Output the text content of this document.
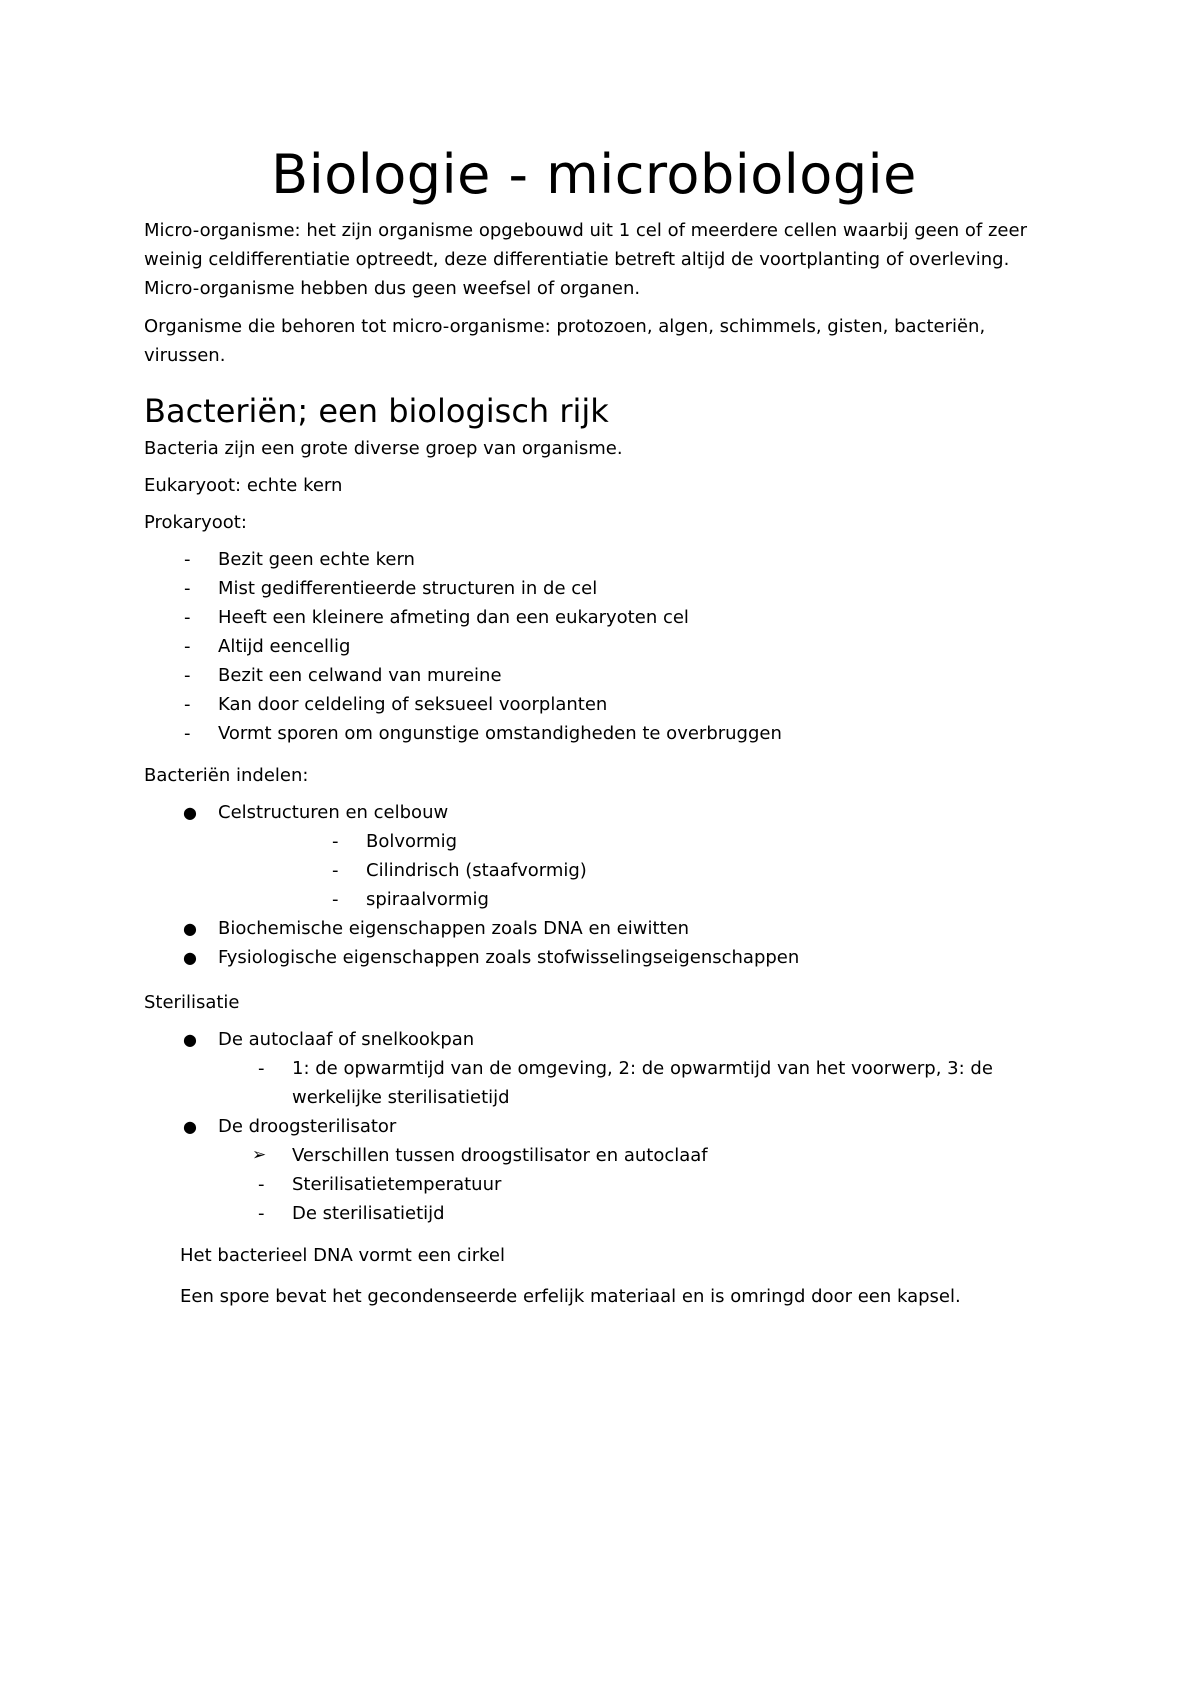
Biologie - microbiologie

Micro-organisme: het zijn organisme opgebouwd uit 1 cel of meerdere cellen waarbij geen of zeer weinig celdifferentiatie optreedt, deze differentiatie betreft altijd de voortplanting of overleving. Micro-organisme hebben dus geen weefsel of organen.

Organisme die behoren tot micro-organisme: protozoen, algen, schimmels, gisten, bacteriën, virussen.

Bacteriën; een biologisch rijk

Bacteria zijn een grote diverse groep van organisme.

Eukaryoot: echte kern

Prokaryoot:

- Bezit geen echte kern
- Mist gedifferentieerde structuren in de cel
- Heeft een kleinere afmeting dan een eukaryoten cel
- Altijd eencellig
- Bezit een celwand van mureine
- Kan door celdeling of seksueel voorplanten
- Vormt sporen om ongunstige omstandigheden te overbruggen

Bacteriën indelen:

● Celstructuren en celbouw
- Bolvormig
- Cilindrisch (staafvormig)
- spiraalvormig
● Biochemische eigenschappen zoals DNA en eiwitten
● Fysiologische eigenschappen zoals stofwisselingseigenschappen

Sterilisatie

● De autoclaaf of snelkookpan
- 1: de opwarmtijd van de omgeving, 2: de opwarmtijd van het voorwerp, 3: de werkelijke sterilisatietijd
● De droogsterilisator
➢ Verschillen tussen droogstilisator en autoclaaf
- Sterilisatietemperatuur
- De sterilisatietijd

Het bacterieel DNA vormt een cirkel

Een spore bevat het gecondenseerde erfelijk materiaal en is omringd door een kapsel.
